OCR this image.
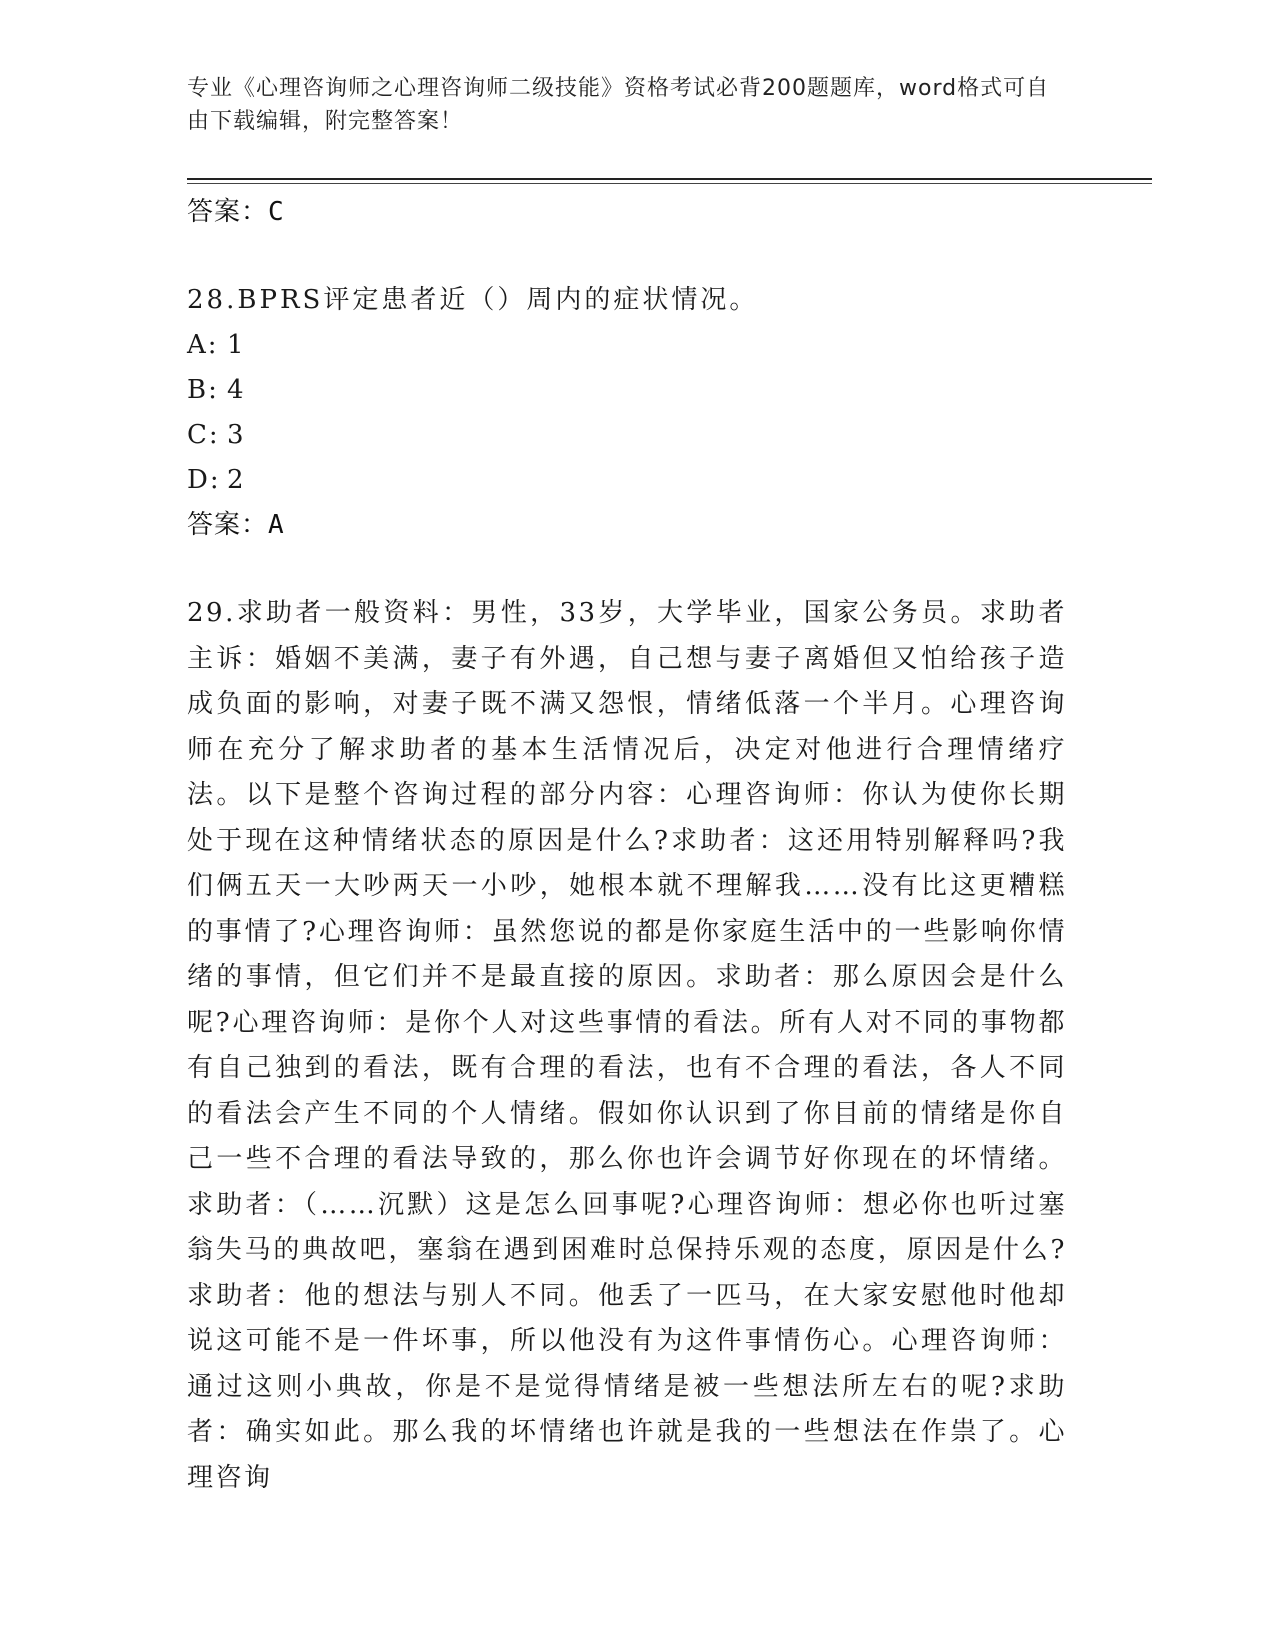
专业《心理咨询师之心理咨询师二级技能》资格考试必背200题题库，word格式可自由下载编辑，附完整答案！
答案：C

28.BPRS评定患者近（）周内的症状情况。

A: 1
B: 4
C: 3
D: 2
答案：A

29.求助者一般资料：男性，33岁，大学毕业，国家公务员。求助者主诉：婚姻不美满，妻子有外遇，自己想与妻子离婚但又怕给孩子造成负面的影响，对妻子既不满又怨恨，情绪低落一个半月。心理咨询师在充分了解求助者的基本生活情况后，决定对他进行合理情绪疗法。以下是整个咨询过程的部分内容：心理咨询师：你认为使你长期处于现在这种情绪状态的原因是什么?求助者：这还用特别解释吗?我们俩五天一大吵两天一小吵，她根本就不理解我……没有比这更糟糕的事情了?心理咨询师：虽然您说的都是你家庭生活中的一些影响你情绪的事情，但它们并不是最直接的原因。求助者：那么原因会是什么呢?心理咨询师：是你个人对这些事情的看法。所有人对不同的事物都有自己独到的看法，既有合理的看法，也有不合理的看法，各人不同的看法会产生不同的个人情绪。假如你认识到了你目前的情绪是你自己一些不合理的看法导致的，那么你也许会调节好你现在的坏情绪。求助者：（……沉默）这是怎么回事呢?心理咨询师：想必你也听过塞翁失马的典故吧，塞翁在遇到困难时总保持乐观的态度，原因是什么?求助者：他的想法与别人不同。他丢了一匹马，在大家安慰他时他却说这可能不是一件坏事，所以他没有为这件事情伤心。心理咨询师：通过这则小典故，你是不是觉得情绪是被一些想法所左右的呢?求助者：确实如此。那么我的坏情绪也许就是我的一些想法在作祟了。心理咨询
